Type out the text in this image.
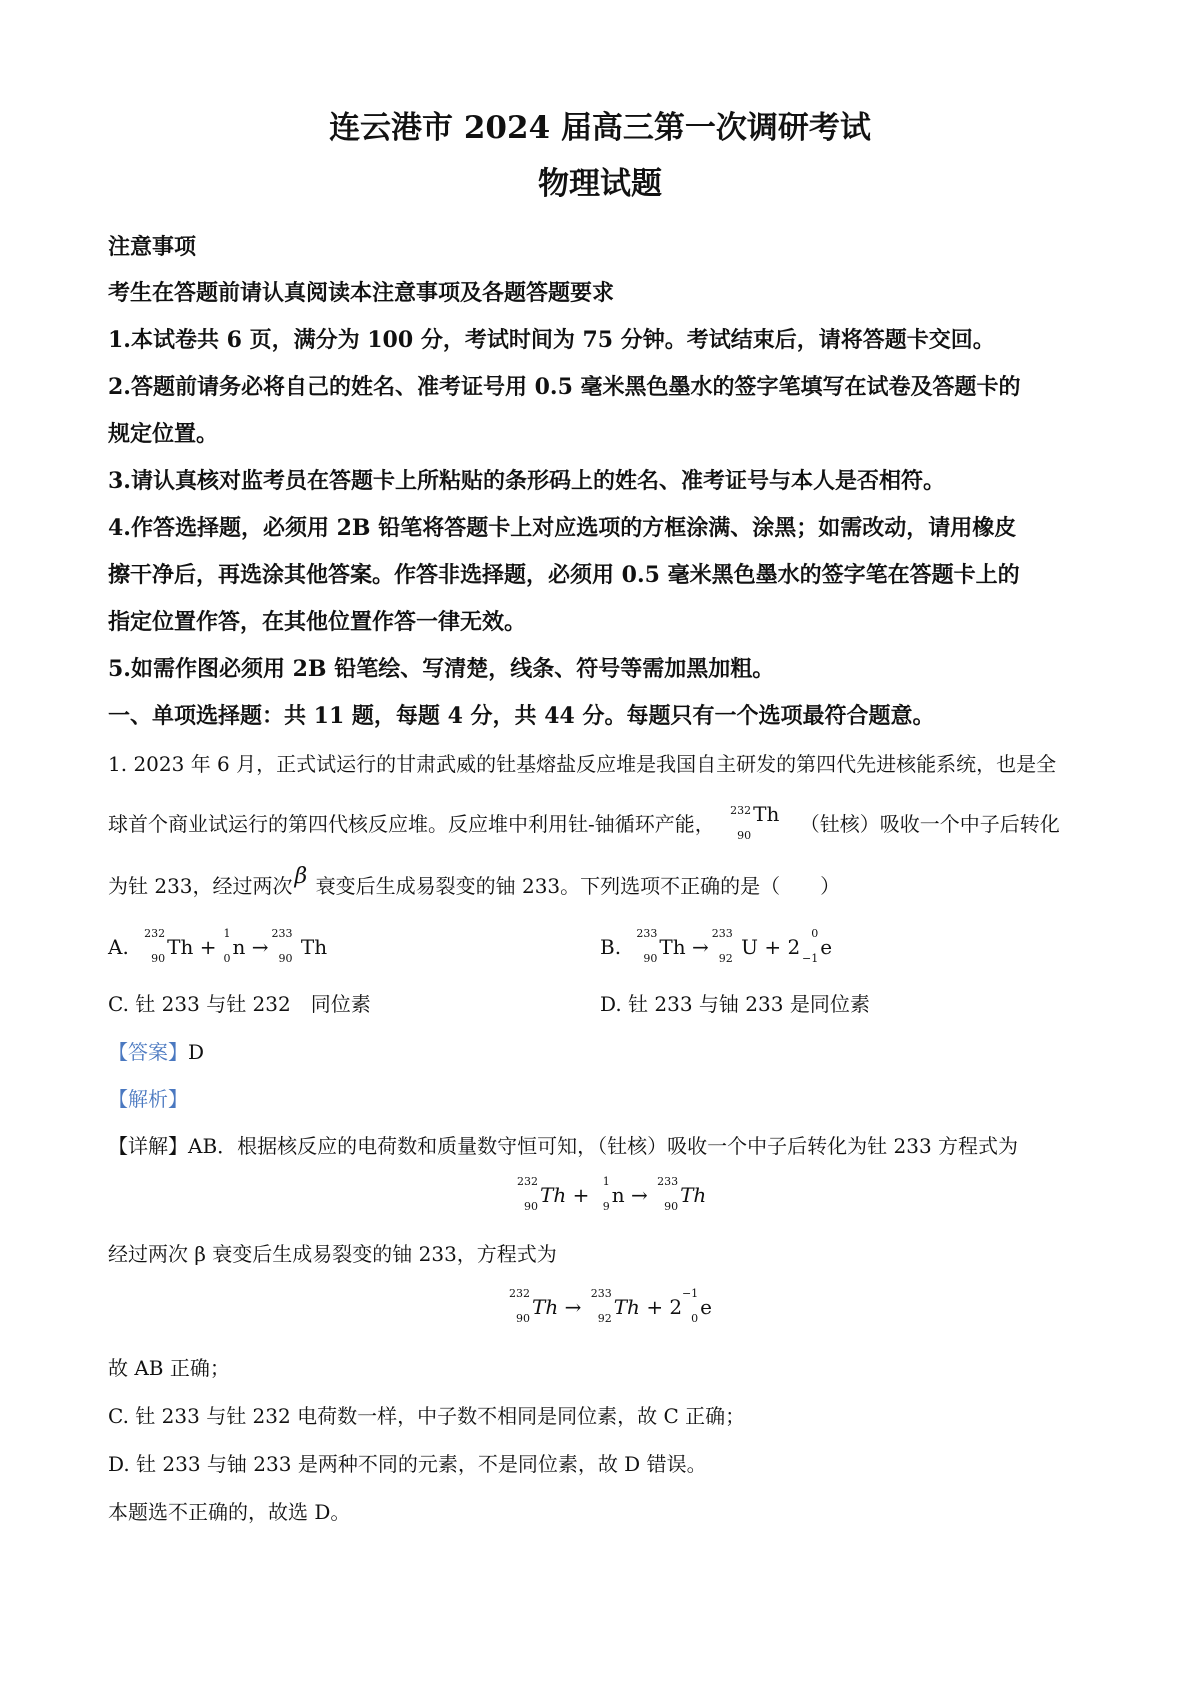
连云港市 2024 届高三第一次调研考试
物理试题
注意事项
考生在答题前请认真阅读本注意事项及各题答题要求
1.本试卷共 6 页，满分为 100 分，考试时间为 75 分钟。考试结束后，请将答题卡交回。
2.答题前请务必将自己的姓名、准考证号用 0.5 毫米黑色墨水的签字笔填写在试卷及答题卡的
规定位置。
3.请认真核对监考员在答题卡上所粘贴的条形码上的姓名、准考证号与本人是否相符。
4.作答选择题，必须用 2B 铅笔将答题卡上对应选项的方框涂满、涂黑；如需改动，请用橡皮
擦干净后，再选涂其他答案。作答非选择题，必须用 0.5 毫米黑色墨水的签字笔在答题卡上的
指定位置作答，在其他位置作答一律无效。
5.如需作图必须用 2B 铅笔绘、写清楚，线条、符号等需加黑加粗。
一、单项选择题：共 11 题，每题 4 分，共 44 分。每题只有一个选项最符合题意。
1. 2023 年 6 月，正式试运行的甘肃武威的钍基熔盐反应堆是我国自主研发的第四代先进核能系统，也是全
球首个商业试运行的第四代核反应堆。反应堆中利用钍-铀循环产能，
232
90
Th （钍核）吸收一个中子后转化
为钍 233，经过两次β 衰变后生成易裂变的铀 233。下列选项不正确的是（　　）
A.
232
90 Th +
1
0 n →
233
90 Th	B.
233
90 Th →
233
92 U + 2
0
−1 e
C. 钍 233 与钍 232　同位素	D. 钍 233 与铀 233 是同位素
【答案】D
【解析】
【详解】AB．根据核反应的电荷数和质量数守恒可知，（钍核）吸收一个中子后转化为钍 233 方程式为
232
90 Th +
1
9 n →
233
90 Th
经过两次 β 衰变后生成易裂变的铀 233，方程式为
232
90 Th →
233
92 Th + 2
−1
0 e
故 AB 正确；
C. 钍 233 与钍 232 电荷数一样，中子数不相同是同位素，故 C 正确；
D. 钍 233 与铀 233 是两种不同的元素，不是同位素，故 D 错误。
本题选不正确的，故选 D。
